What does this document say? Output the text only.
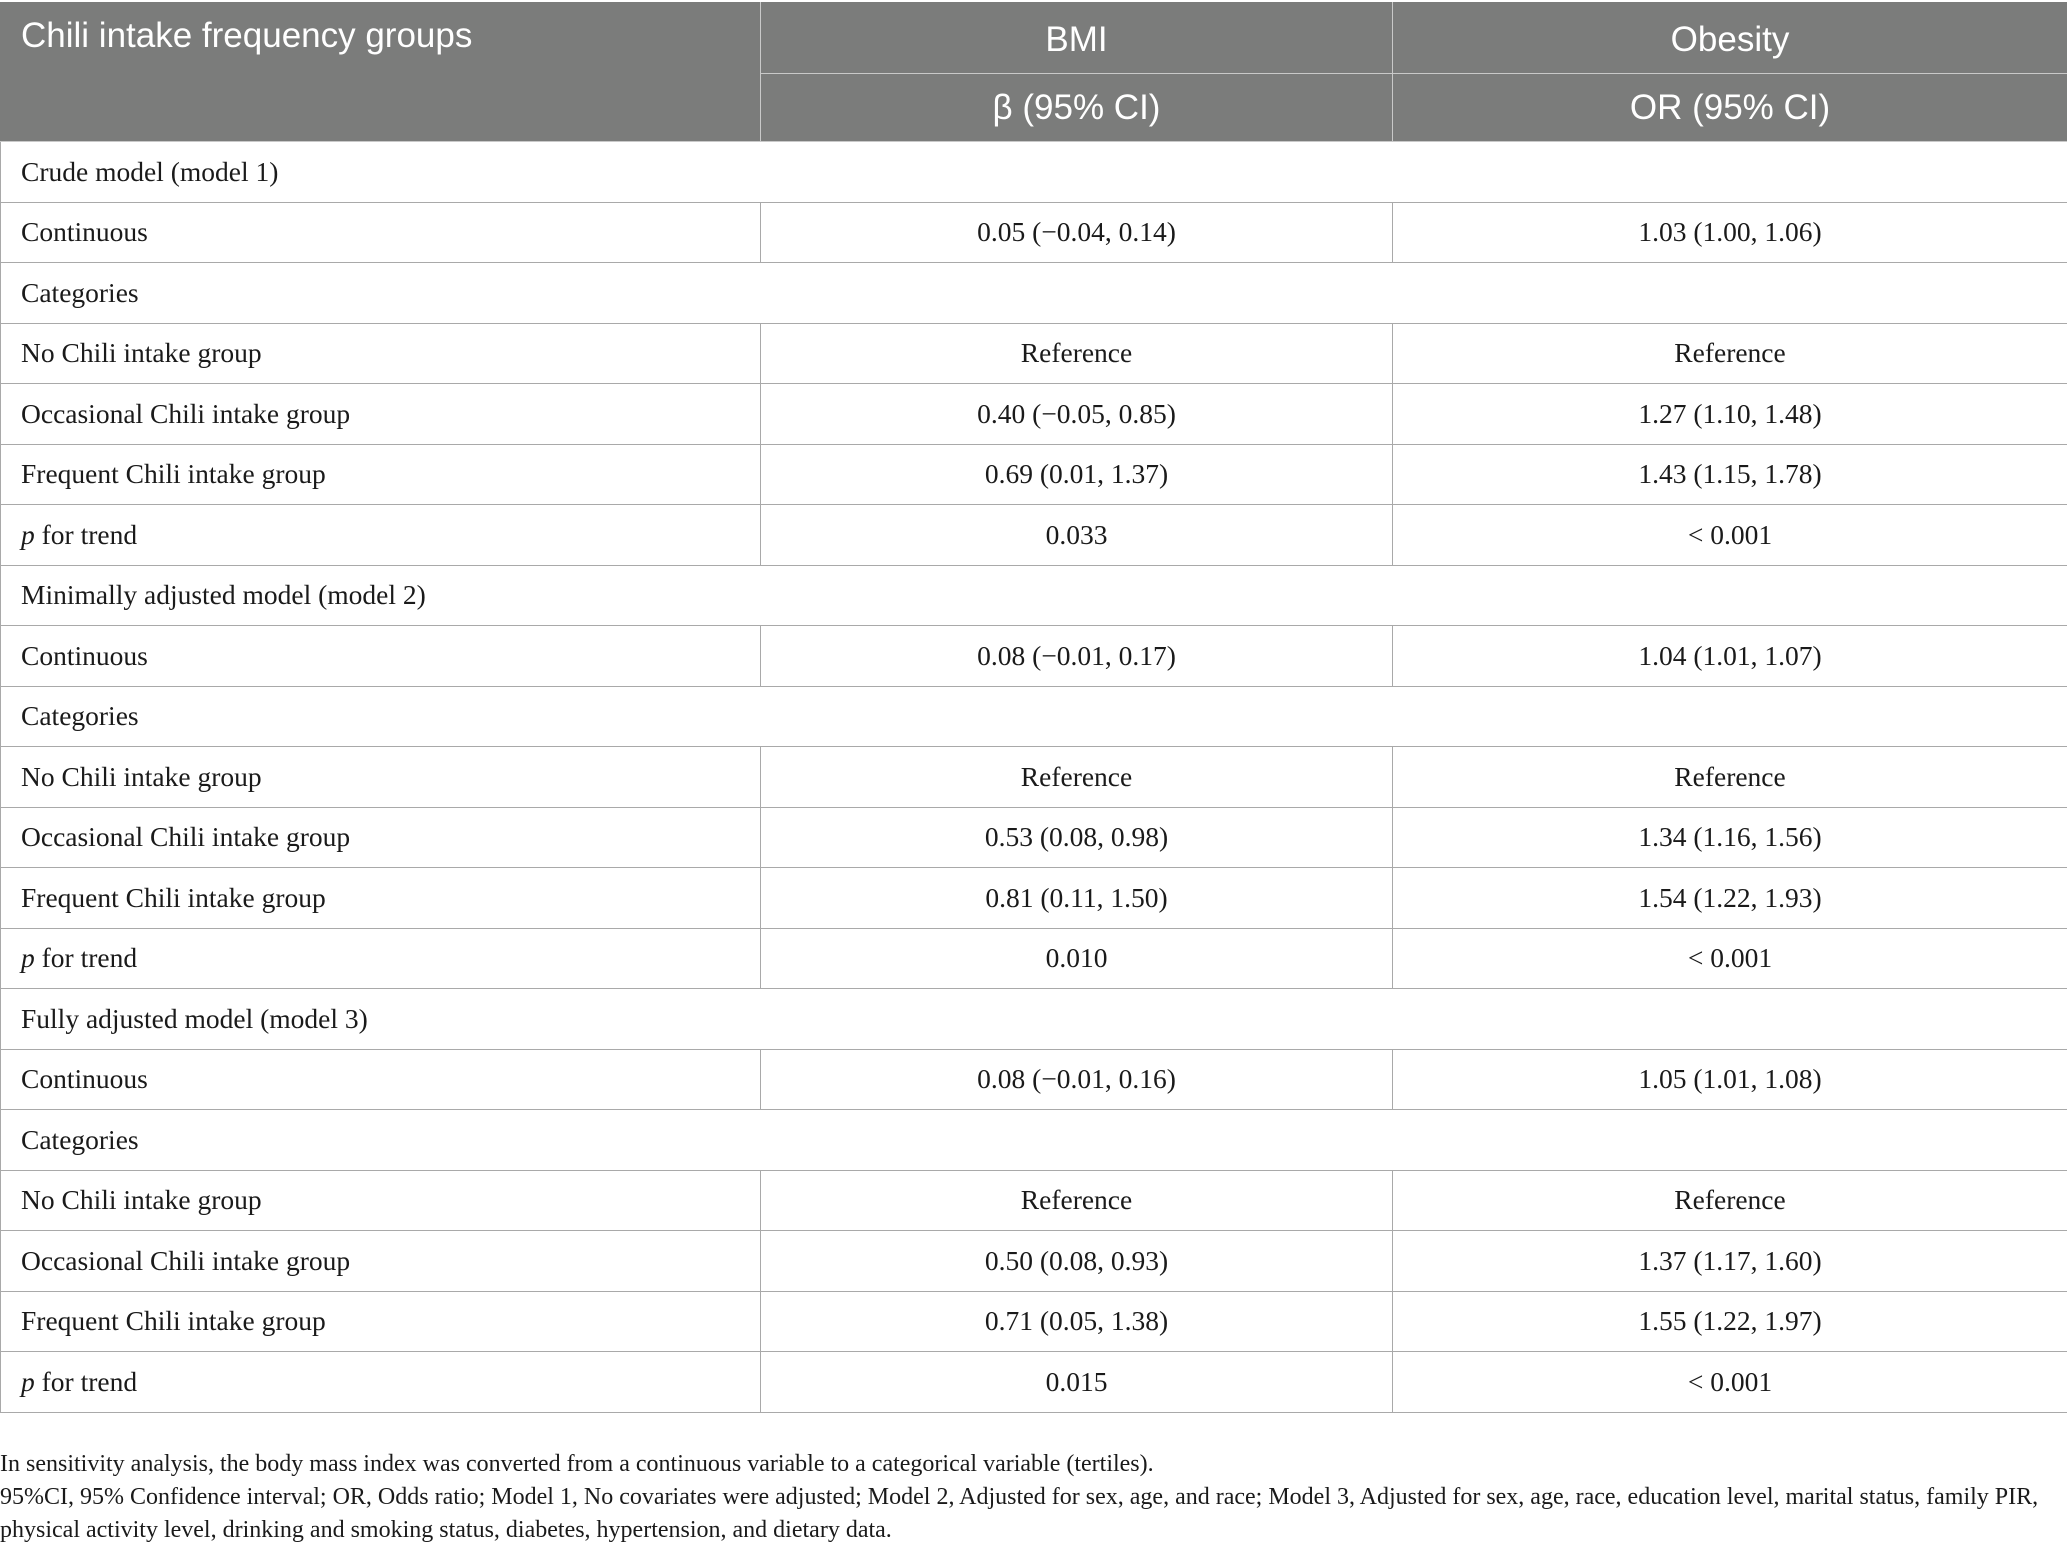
Chili intake frequency groups	BMI	Obesity
	β (95% CI)	OR (95% CI)
Crude model (model 1)		
Continuous	0.05 (−0.04, 0.14)	1.03 (1.00, 1.06)
Categories		
No Chili intake group	Reference	Reference
Occasional Chili intake group	0.40 (−0.05, 0.85)	1.27 (1.10, 1.48)
Frequent Chili intake group	0.69 (0.01, 1.37)	1.43 (1.15, 1.78)
p for trend	0.033	< 0.001
Minimally adjusted model (model 2)		
Continuous	0.08 (−0.01, 0.17)	1.04 (1.01, 1.07)
Categories		
No Chili intake group	Reference	Reference
Occasional Chili intake group	0.53 (0.08, 0.98)	1.34 (1.16, 1.56)
Frequent Chili intake group	0.81 (0.11, 1.50)	1.54 (1.22, 1.93)
p for trend	0.010	< 0.001
Fully adjusted model (model 3)		
Continuous	0.08 (−0.01, 0.16)	1.05 (1.01, 1.08)
Categories		
No Chili intake group	Reference	Reference
Occasional Chili intake group	0.50 (0.08, 0.93)	1.37 (1.17, 1.60)
Frequent Chili intake group	0.71 (0.05, 1.38)	1.55 (1.22, 1.97)
p for trend	0.015	< 0.001

In sensitivity analysis, the body mass index was converted from a continuous variable to a categorical variable (tertiles).

95%CI, 95% Confidence interval; OR, Odds ratio; Model 1, No covariates were adjusted; Model 2, Adjusted for sex, age, and race; Model 3, Adjusted for sex, age, race, education level, marital status, family PIR, physical activity level, drinking and smoking status, diabetes, hypertension, and dietary data.
